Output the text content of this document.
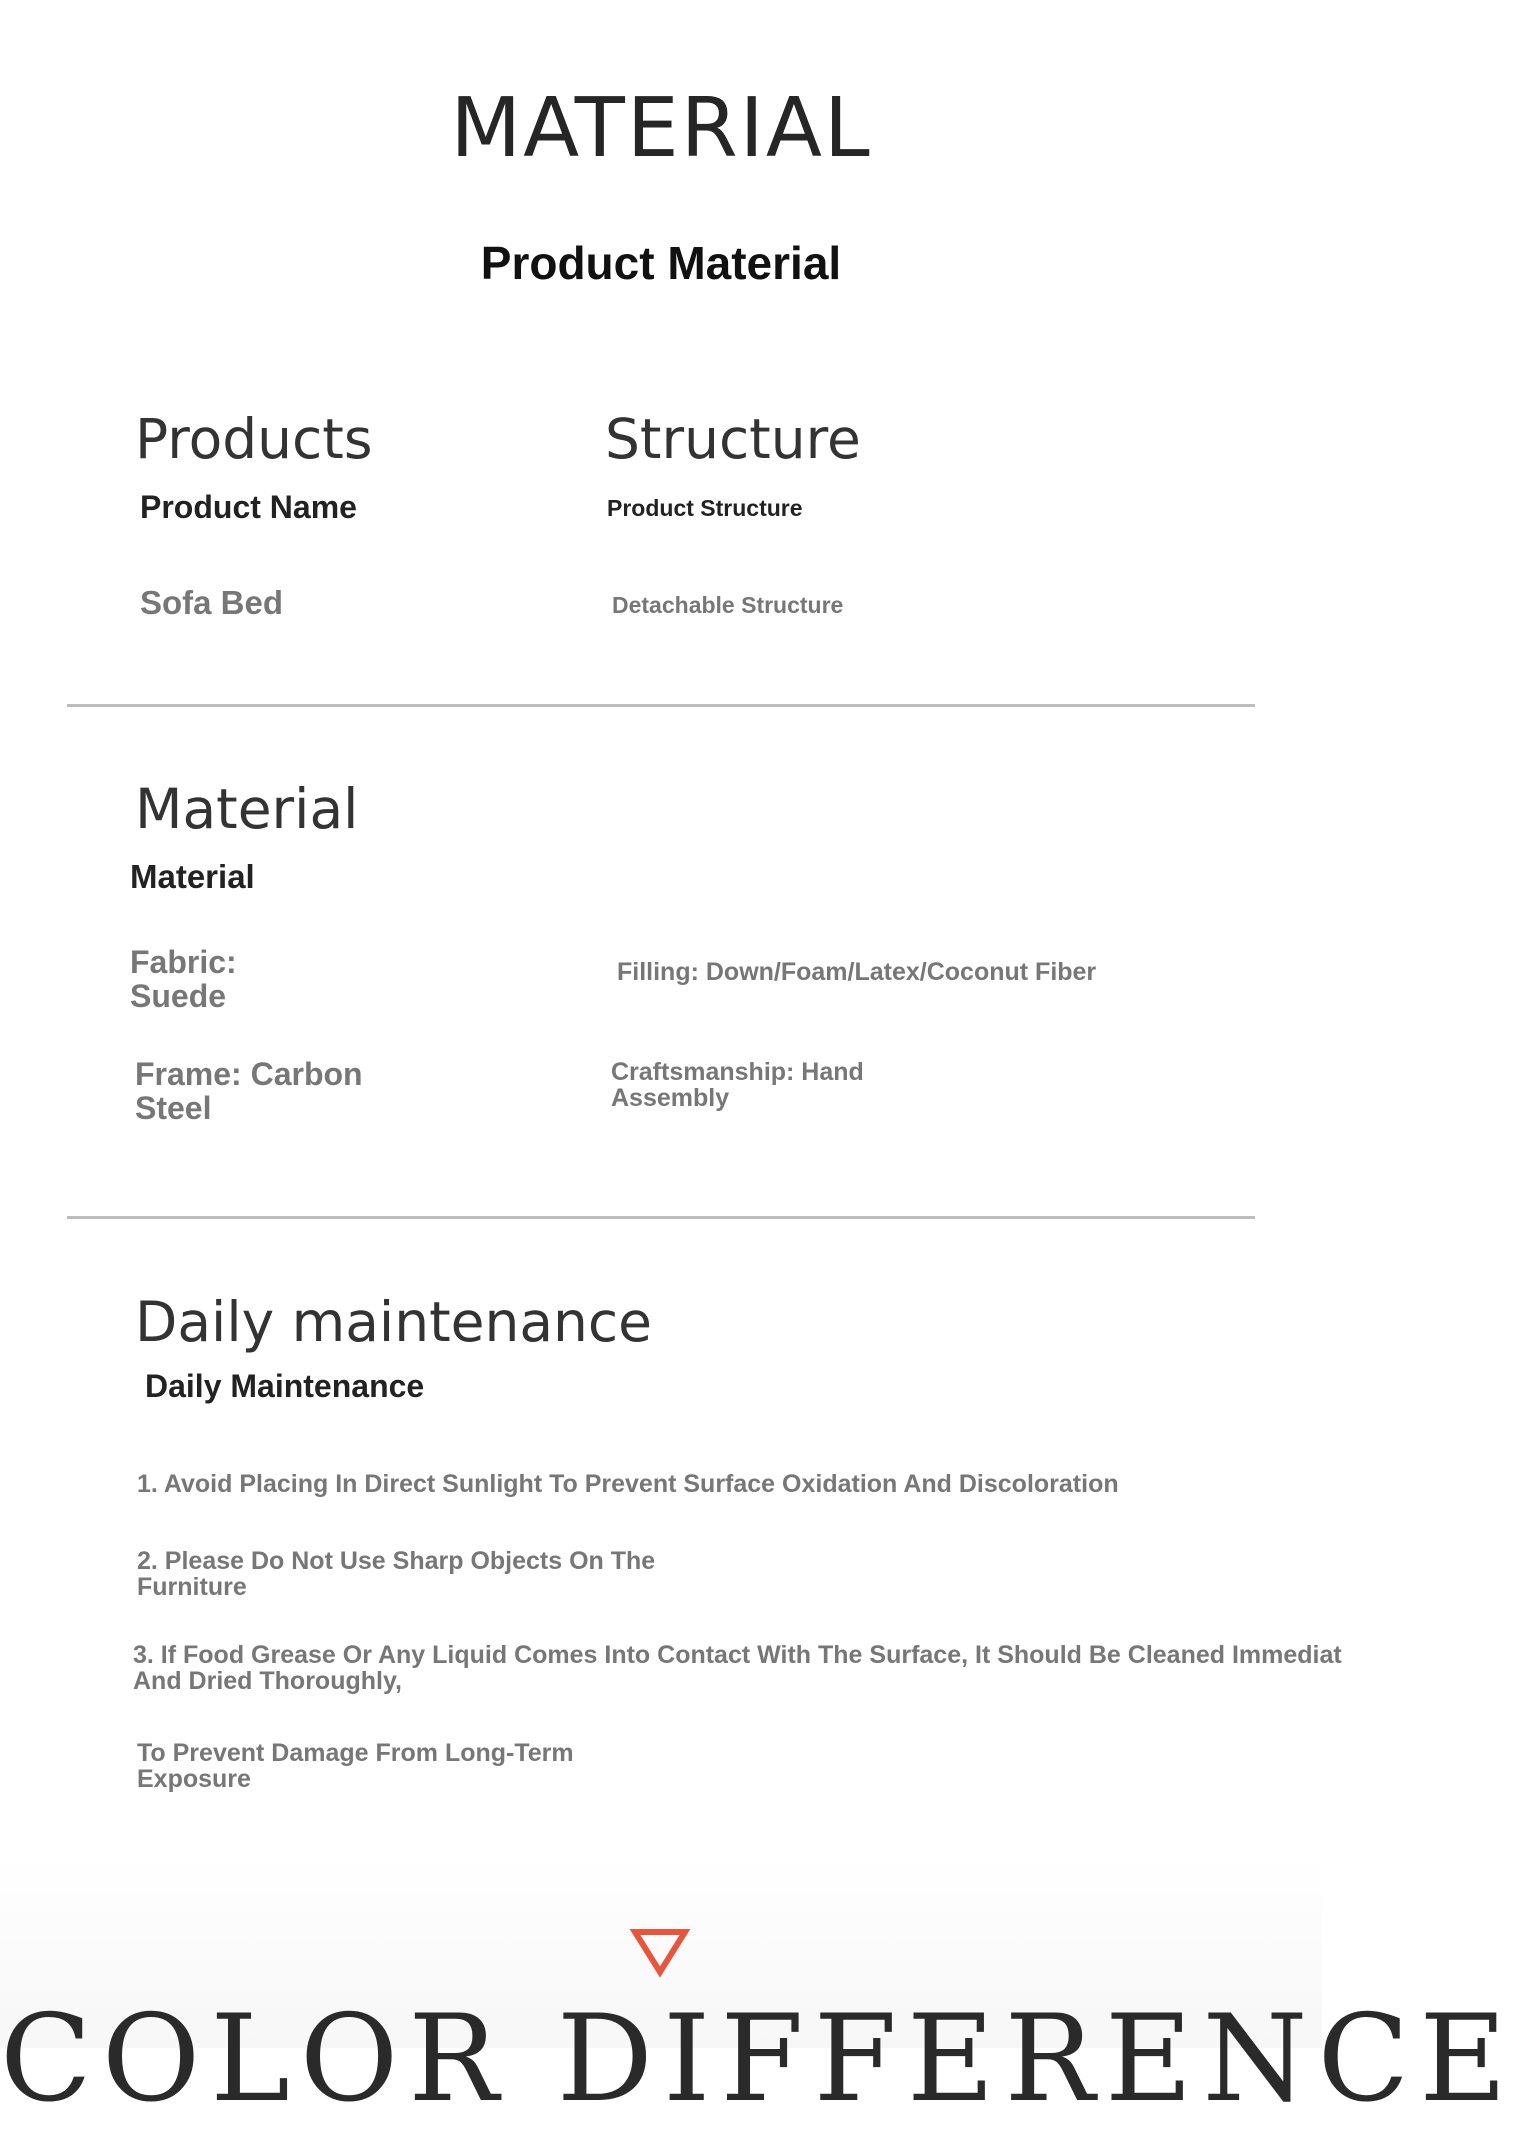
MATERIAL
Product Material
Products
Product Name
Sofa Bed
Structure
Product Structure
Detachable Structure
Material
Material
Fabric:
Suede
Filling: Down/Foam/Latex/Coconut Fiber
Frame: Carbon
Steel
Craftsmanship: Hand
Assembly
Daily maintenance
Daily Maintenance
1. Avoid Placing In Direct Sunlight To Prevent Surface Oxidation And Discoloration
2. Please Do Not Use Sharp Objects On The
Furniture
3. If Food Grease Or Any Liquid Comes Into Contact With The Surface, It Should Be Cleaned Immediat
And Dried Thoroughly,
To Prevent Damage From Long-Term
Exposure
COLOR DIFFERENCE
